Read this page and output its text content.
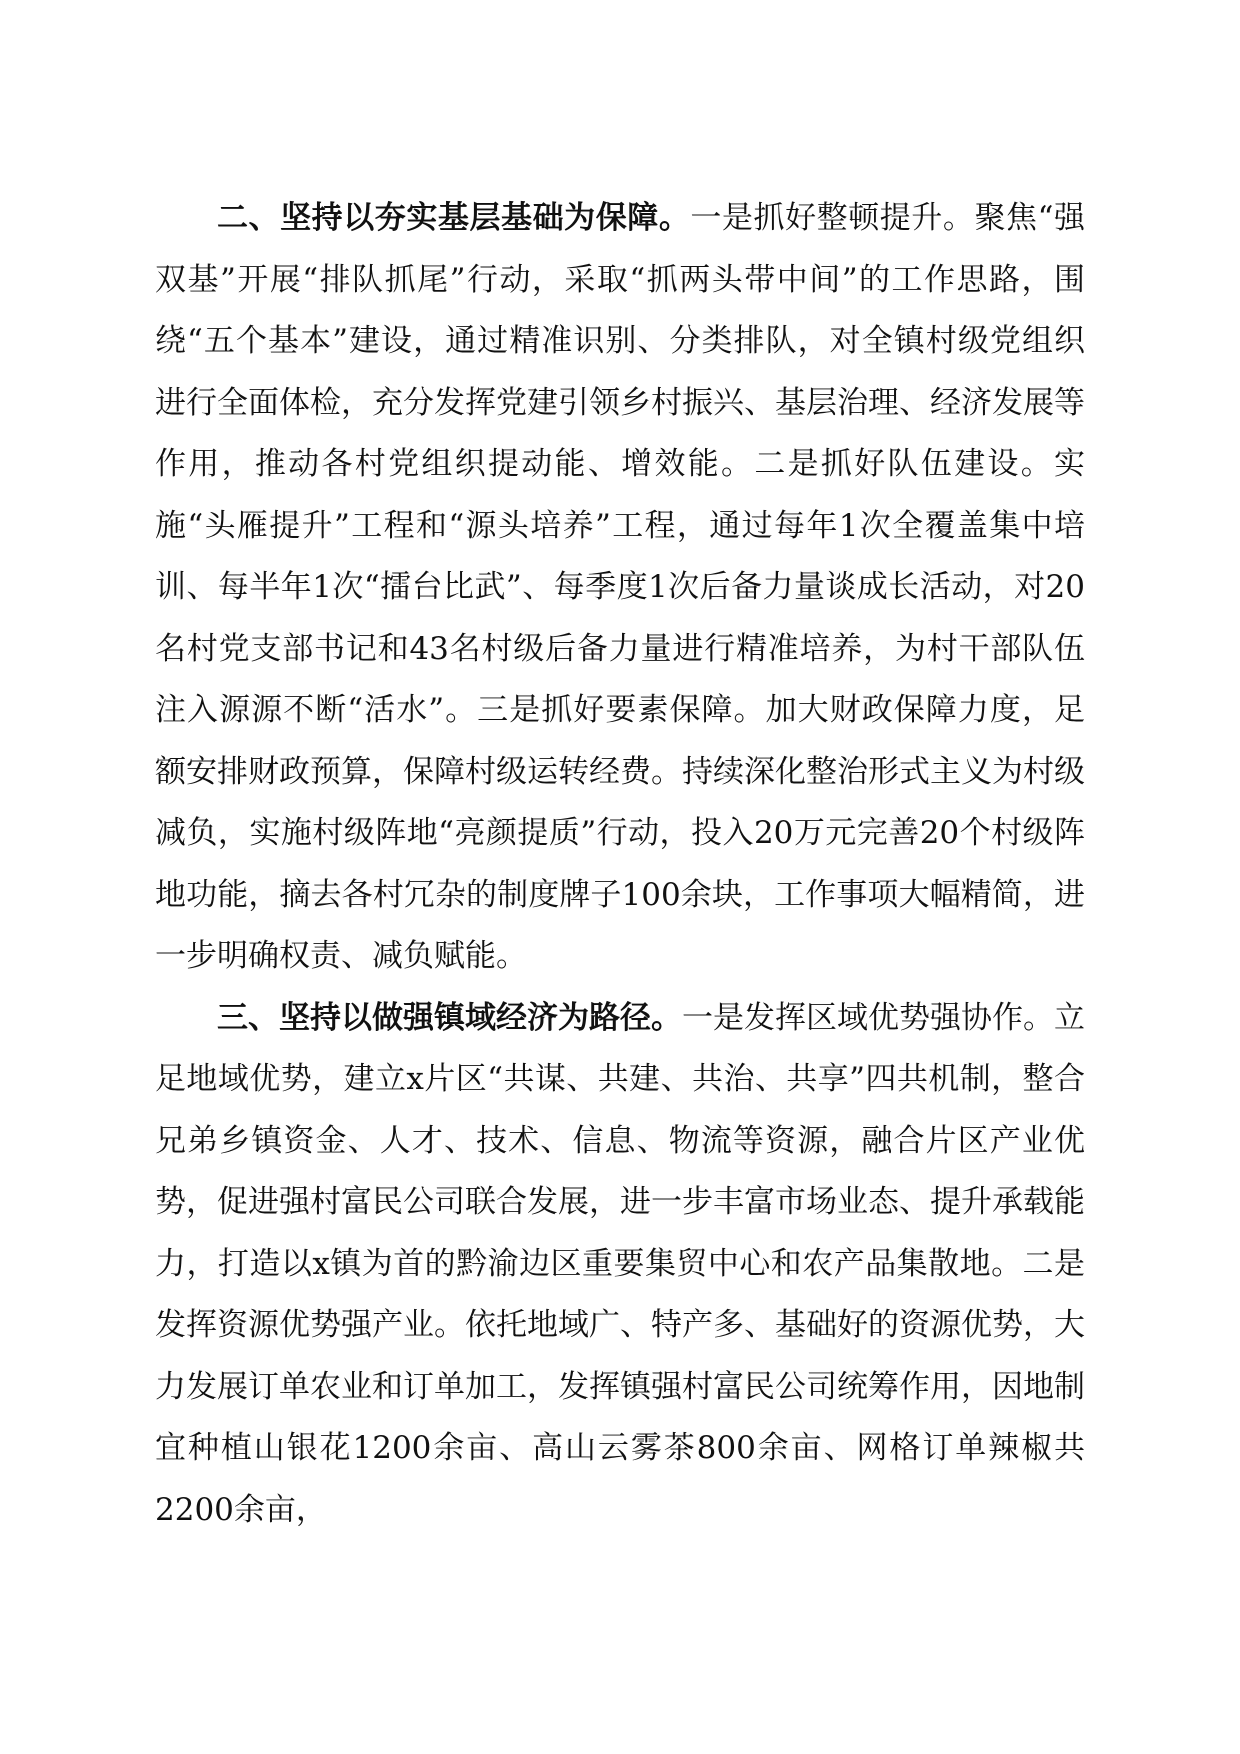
二、坚持以夯实基层基础为保障。一是抓好整顿提升。聚焦“强双基”开展“排队抓尾”行动，采取“抓两头带中间”的工作思路，围绕“五个基本”建设，通过精准识别、分类排队，对全镇村级党组织进行全面体检，充分发挥党建引领乡村振兴、基层治理、经济发展等作用，推动各村党组织提动能、增效能。二是抓好队伍建设。实施“头雁提升”工程和“源头培养”工程，通过每年1次全覆盖集中培训、每半年1次“擂台比武”、每季度1次后备力量谈成长活动，对20名村党支部书记和43名村级后备力量进行精准培养，为村干部队伍注入源源不断“活水”。三是抓好要素保障。加大财政保障力度，足额安排财政预算，保障村级运转经费。持续深化整治形式主义为村级减负，实施村级阵地“亮颜提质”行动，投入20万元完善20个村级阵地功能，摘去各村冗杂的制度牌子100余块，工作事项大幅精简，进一步明确权责、减负赋能。

三、坚持以做强镇域经济为路径。一是发挥区域优势强协作。立足地域优势，建立x片区“共谋、共建、共治、共享”四共机制，整合兄弟乡镇资金、人才、技术、信息、物流等资源，融合片区产业优势，促进强村富民公司联合发展，进一步丰富市场业态、提升承载能力，打造以x镇为首的黔渝边区重要集贸中心和农产品集散地。二是发挥资源优势强产业。依托地域广、特产多、基础好的资源优势，大力发展订单农业和订单加工，发挥镇强村富民公司统筹作用，因地制宜种植山银花1200余亩、高山云雾茶800余亩、网格订单辣椒共2200余亩，
